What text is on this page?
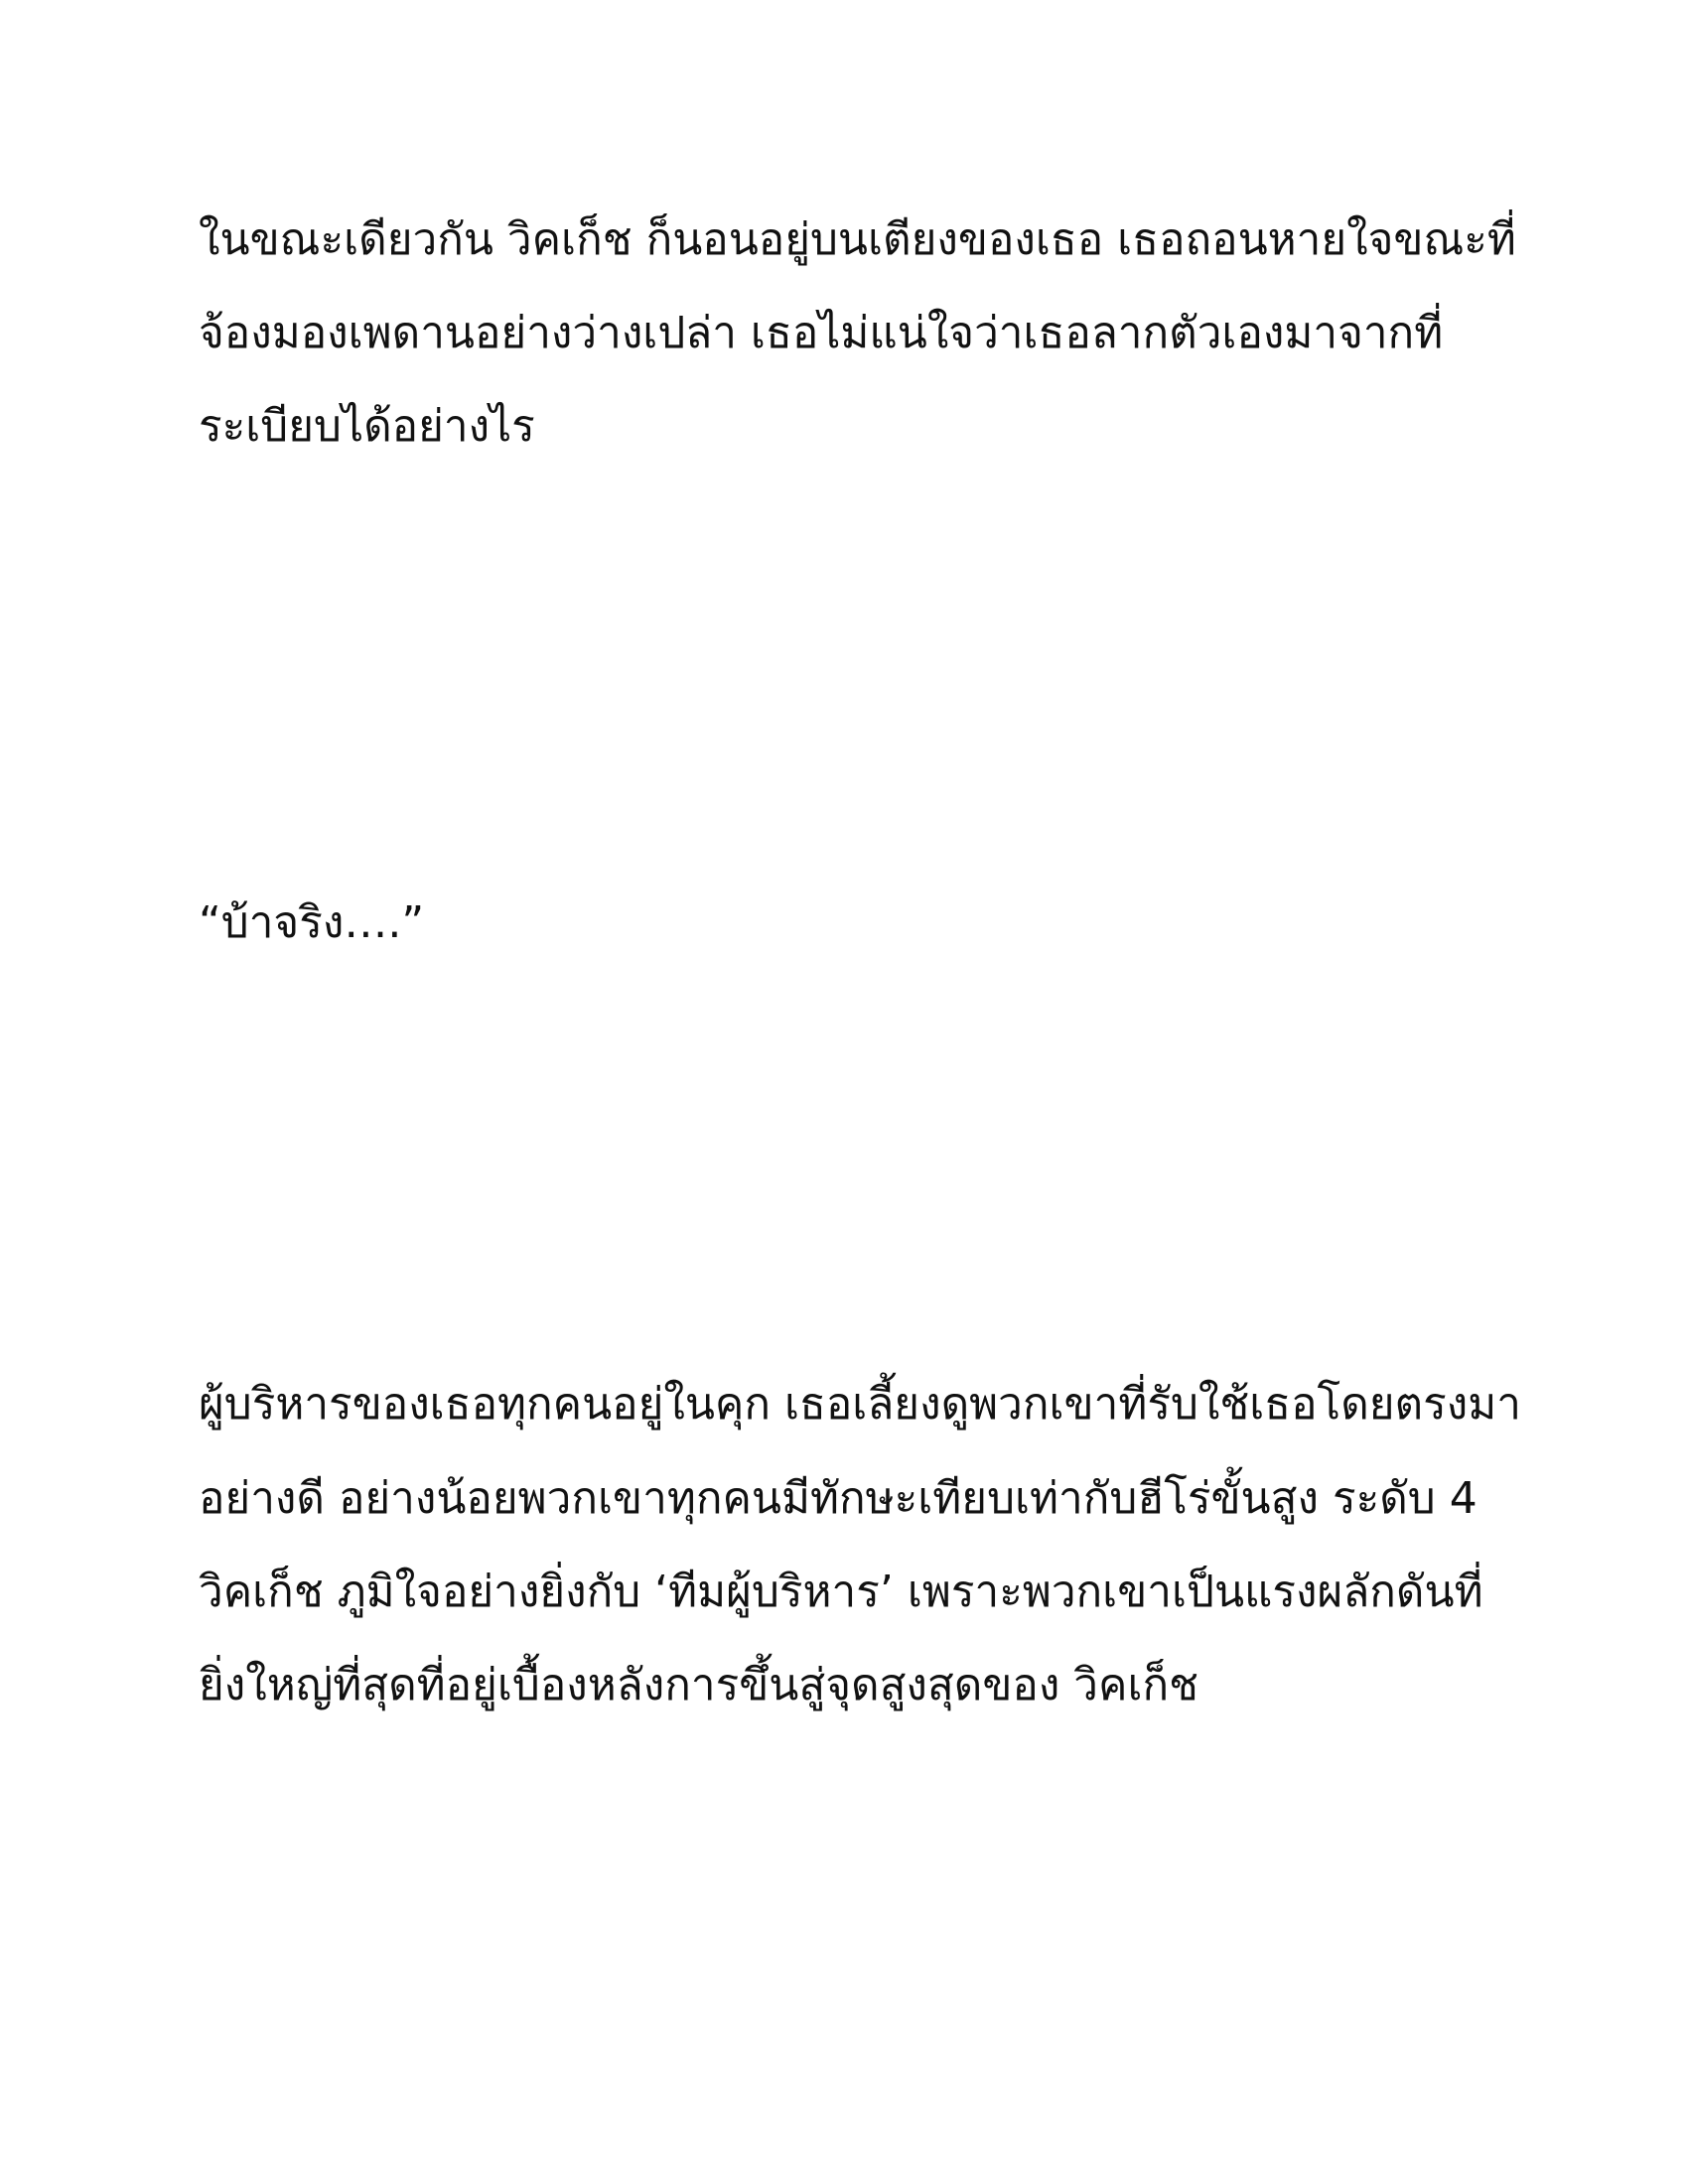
ในขณะเดียวกัน วิคเก็ช ก็นอนอยู่บนเตียงของเธอ เธอถอนหายใจขณะที่

จ้องมองเพดานอย่างว่างเปล่า เธอไม่แน่ใจว่าเธอลากตัวเองมาจากที่

ระเบียบได้อย่างไร

“บ้าจริง….”

ผู้บริหารของเธอทุกคนอยู่ในคุก เธอเลี้ยงดูพวกเขาที่รับใช้เธอโดยตรงมา

อย่างดี อย่างน้อยพวกเขาทุกคนมีทักษะเทียบเท่ากับฮีโร่ขั้นสูง ระดับ 4

วิคเก็ช ภูมิใจอย่างยิ่งกับ ‘ทีมผู้บริหาร’ เพราะพวกเขาเป็นแรงผลักดันที่

ยิ่งใหญ่ที่สุดที่อยู่เบื้องหลังการขึ้นสู่จุดสูงสุดของ วิคเก็ช
